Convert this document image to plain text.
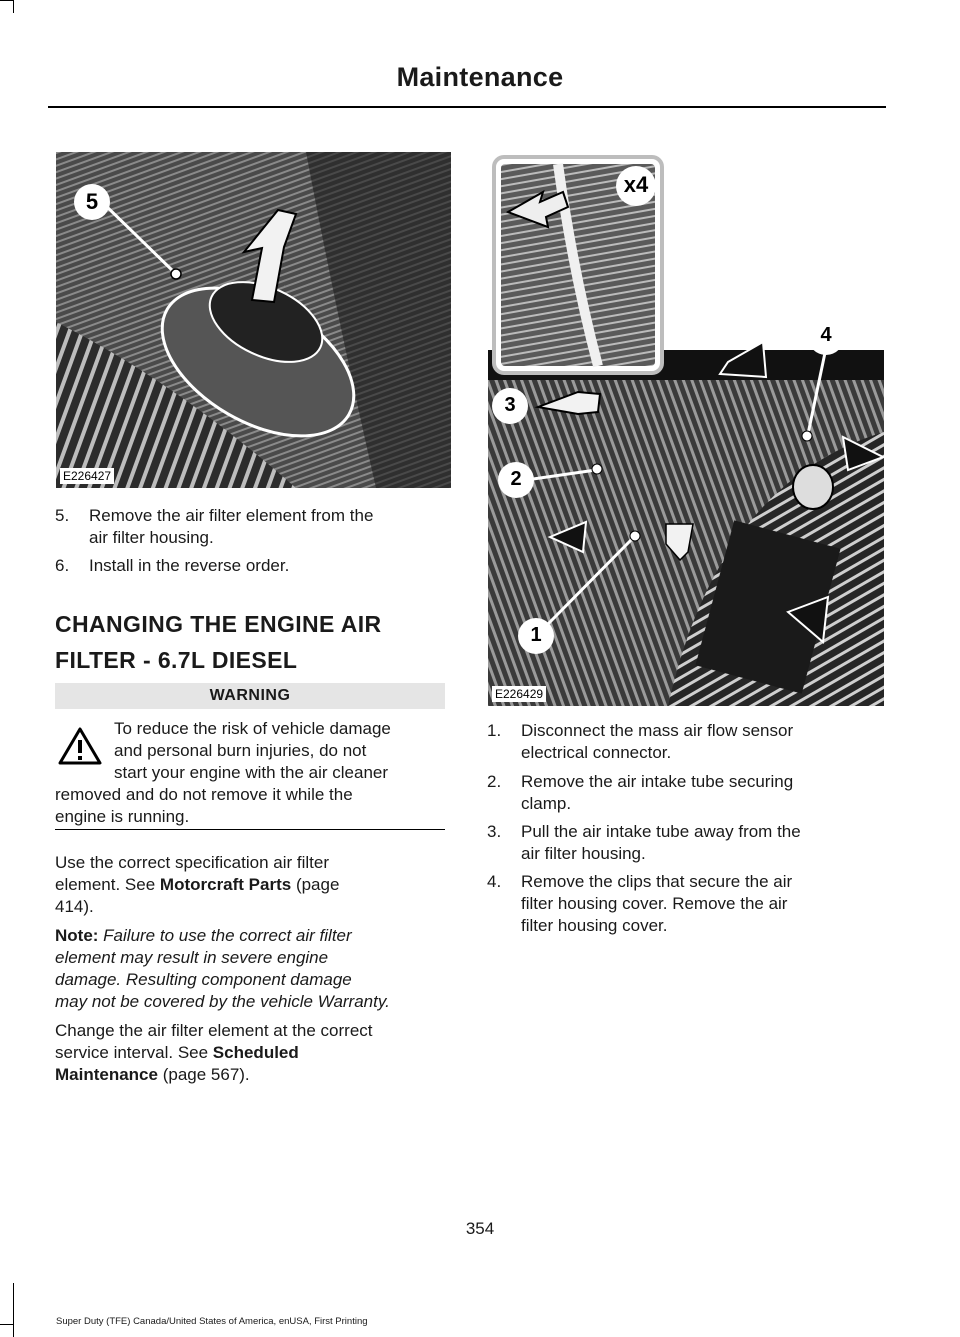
Maintenance
5
E226427
5. Remove the air filter element from the
air filter housing.
6. Install in the reverse order.
CHANGING THE ENGINE AIR
FILTER - 6.7L DIESEL
WARNING
To reduce the risk of vehicle damage
and personal burn injuries, do not
start your engine with the air cleaner
removed and do not remove it while the
engine is running.
Use the correct specification air filter
element. See Motorcraft Parts (page
414).
Note: Failure to use the correct air filter
element may result in severe engine
damage. Resulting component damage
may not be covered by the vehicle Warranty.
Change the air filter element at the correct
service interval. See Scheduled
Maintenance (page 567).
x4
4
3
2
1
E226429
1. Disconnect the mass air flow sensor
electrical connector.
2. Remove the air intake tube securing
clamp.
3. Pull the air intake tube away from the
air filter housing.
4. Remove the clips that secure the air
filter housing cover. Remove the air
filter housing cover.
354
Super Duty (TFE) Canada/United States of America, enUSA, First Printing
